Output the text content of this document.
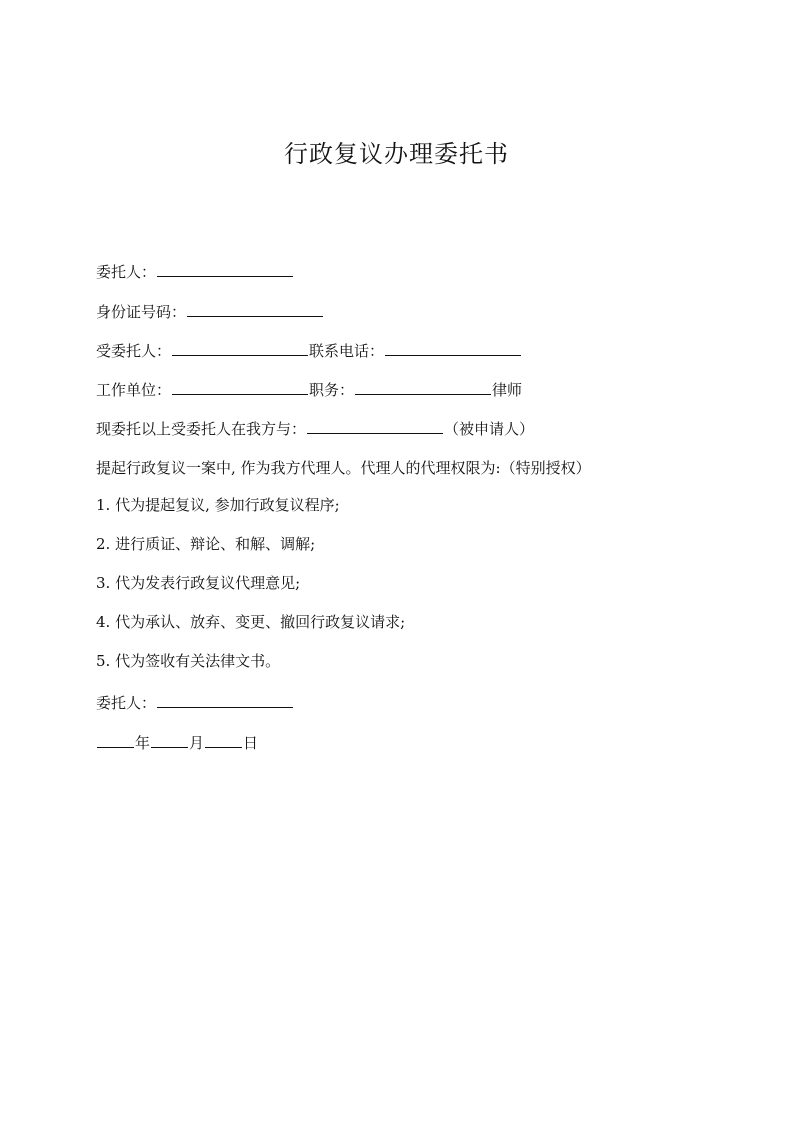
行政复议办理委托书
委托人：
身份证号码：
受委托人：	联系电话：
工作单位：	职务：	律师
现委托以上受委托人在我方与：	（被申请人）
提起行政复议一案中, 作为我方代理人。代理人的代理权限为:（特别授权）
1. 代为提起复议, 参加行政复议程序;
2. 进行质证、辩论、和解、调解;
3. 代为发表行政复议代理意见;
4. 代为承认、放弃、变更、撤回行政复议请求;
5. 代为签收有关法律文书。
委托人：
年	月	日
